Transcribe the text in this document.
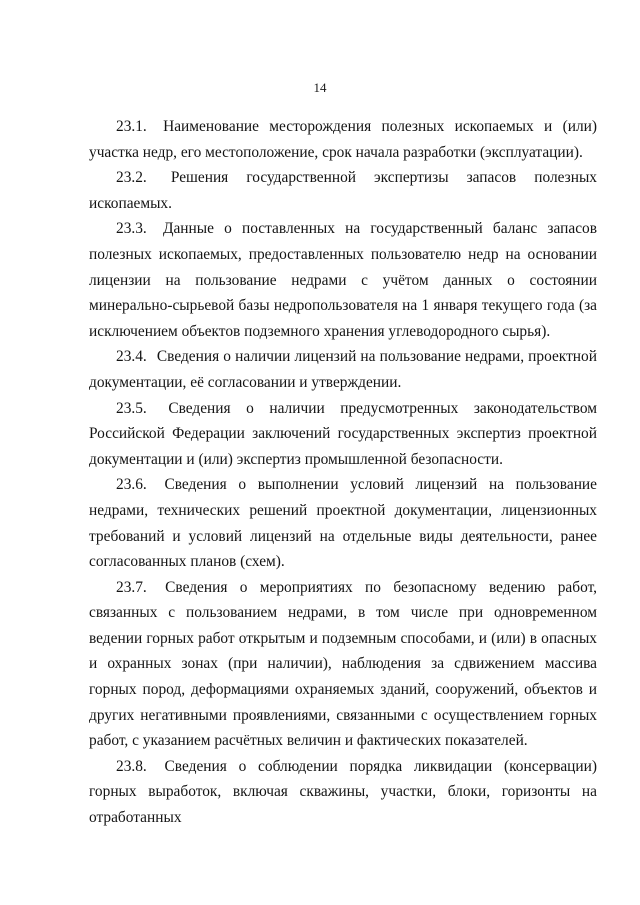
14

23.1. Наименование месторождения полезных ископаемых и (или) участка недр, его местоположение, срок начала разработки (эксплуатации).

23.2. Решения государственной экспертизы запасов полезных ископаемых.

23.3. Данные о поставленных на государственный баланс запасов полезных ископаемых, предоставленных пользователю недр на основании лицензии на пользование недрами с учётом данных о состоянии минерально-сырьевой базы недропользователя на 1 января текущего года (за исключением объектов подземного хранения углеводородного сырья).

23.4. Сведения о наличии лицензий на пользование недрами, проектной документации, её согласовании и утверждении.

23.5. Сведения о наличии предусмотренных законодательством Российской Федерации заключений государственных экспертиз проектной документации и (или) экспертиз промышленной безопасности.

23.6. Сведения о выполнении условий лицензий на пользование недрами, технических решений проектной документации, лицензионных требований и условий лицензий на отдельные виды деятельности, ранее согласованных планов (схем).

23.7. Сведения о мероприятиях по безопасному ведению работ, связанных с пользованием недрами, в том числе при одновременном ведении горных работ открытым и подземным способами, и (или) в опасных и охранных зонах (при наличии), наблюдения за сдвижением массива горных пород, деформациями охраняемых зданий, сооружений, объектов и других негативными проявлениями, связанными с осуществлением горных работ, с указанием расчётных величин и фактических показателей.

23.8. Сведения о соблюдении порядка ликвидации (консервации) горных выработок, включая скважины, участки, блоки, горизонты на отработанных
